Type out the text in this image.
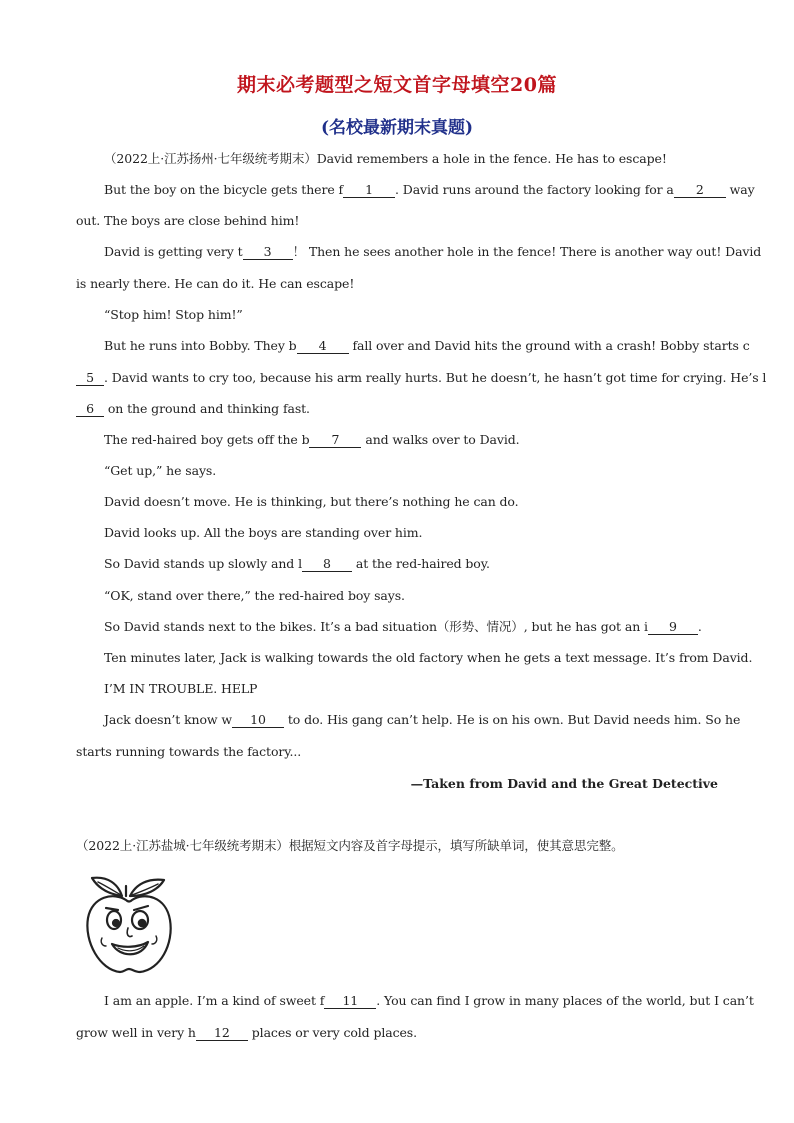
期末必考题型之短文首字母填空20篇
(名校最新期末真题)
（2022上·江苏扬州·七年级统考期末）David remembers a hole in the fence. He has to escape!
But the boy on the bicycle gets there f 1 . David runs around the factory looking for a 2 way
out. The boys are close behind him!
David is getting very t 3 ！ Then he sees another hole in the fence! There is another way out! David
is nearly there. He can do it. He can escape!
“Stop him! Stop him!”
But he runs into Bobby. They b 4 fall over and David hits the ground with a crash! Bobby starts c
5 . David wants to cry too, because his arm really hurts. But he doesn’t, he hasn’t got time for crying. He’s l
6 on the ground and thinking fast.
The red-haired boy gets off the b 7 and walks over to David.
“Get up,” he says.
David doesn’t move. He is thinking, but there’s nothing he can do.
David looks up. All the boys are standing over him.
So David stands up slowly and l 8 at the red-haired boy.
“OK, stand over there,” the red-haired boy says.
So David stands next to the bikes. It’s a bad situation（形势、情况）, but he has got an i 9 .
Ten minutes later, Jack is walking towards the old factory when he gets a text message. It’s from David.
I’M IN TROUBLE. HELP
Jack doesn’t know w 10 to do. His gang can’t help. He is on his own. But David needs him. So he
starts running towards the factory...
—Taken from David and the Great Detective
（2022上·江苏盐城·七年级统考期末）根据短文内容及首字母提示，填写所缺单词，使其意思完整。
I am an apple. I’m a kind of sweet f 11 . You can find I grow in many places of the world, but I can’t
grow well in very h 12 places or very cold places.
